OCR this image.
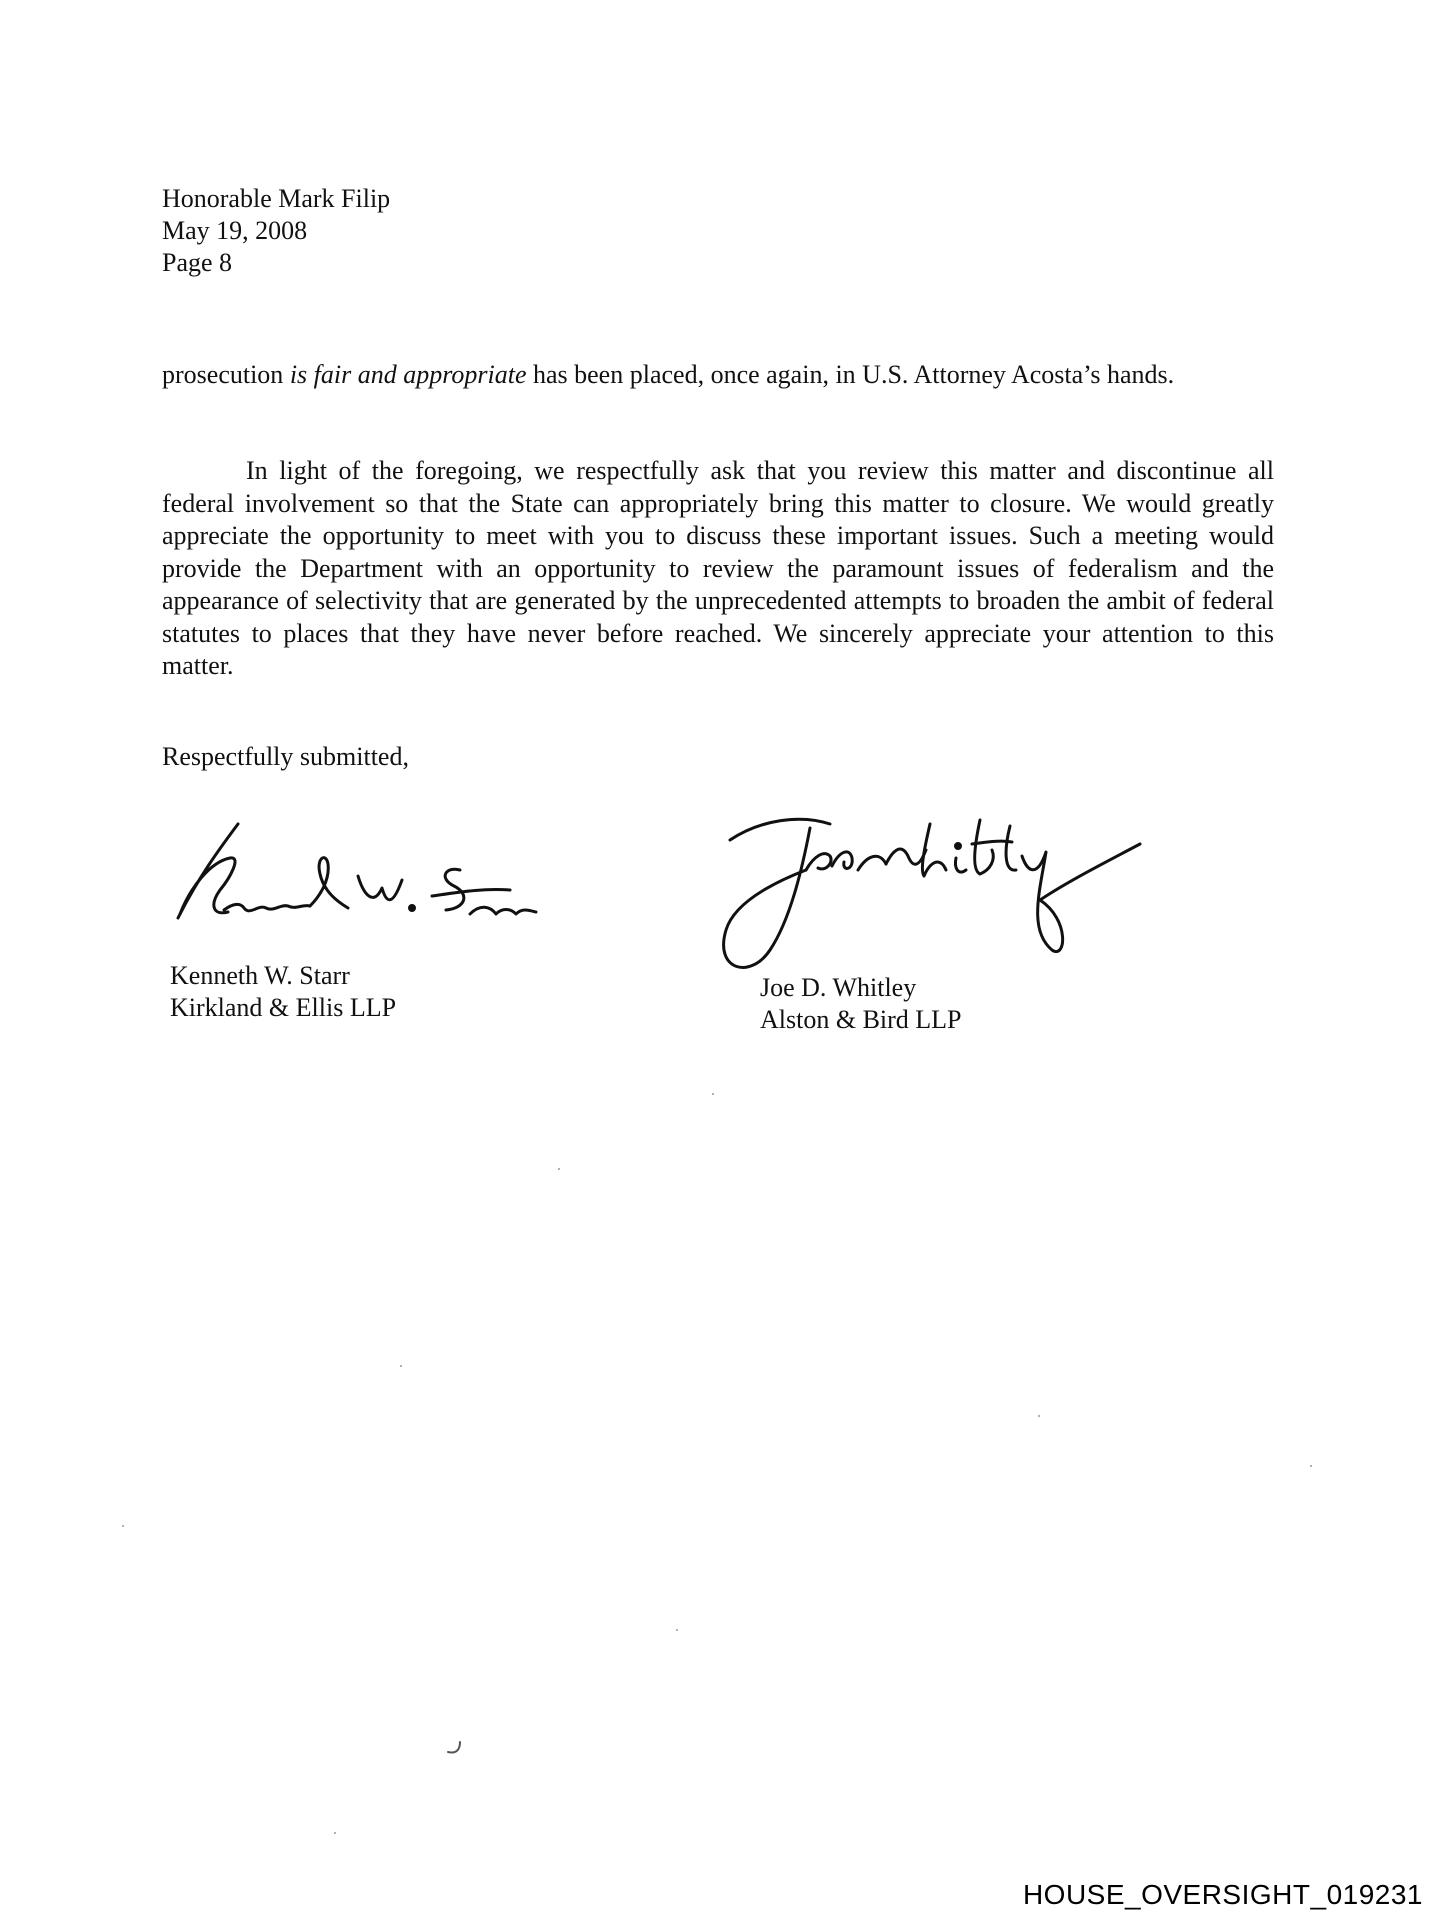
Honorable Mark Filip
May 19, 2008
Page 8
prosecution is fair and appropriate has been placed, once again, in U.S. Attorney Acosta’s hands.
In light of the foregoing, we respectfully ask that you review this matter and discontinue all federal involvement so that the State can appropriately bring this matter to closure. We would greatly appreciate the opportunity to meet with you to discuss these important issues. Such a meeting would provide the Department with an opportunity to review the paramount issues of federalism and the appearance of selectivity that are generated by the unprecedented attempts to broaden the ambit of federal statutes to places that they have never before reached. We sincerely appreciate your attention to this matter.
Respectfully submitted,
Kenneth W. Starr
Kirkland & Ellis LLP
Joe D. Whitley
Alston & Bird LLP
HOUSE_OVERSIGHT_019231
